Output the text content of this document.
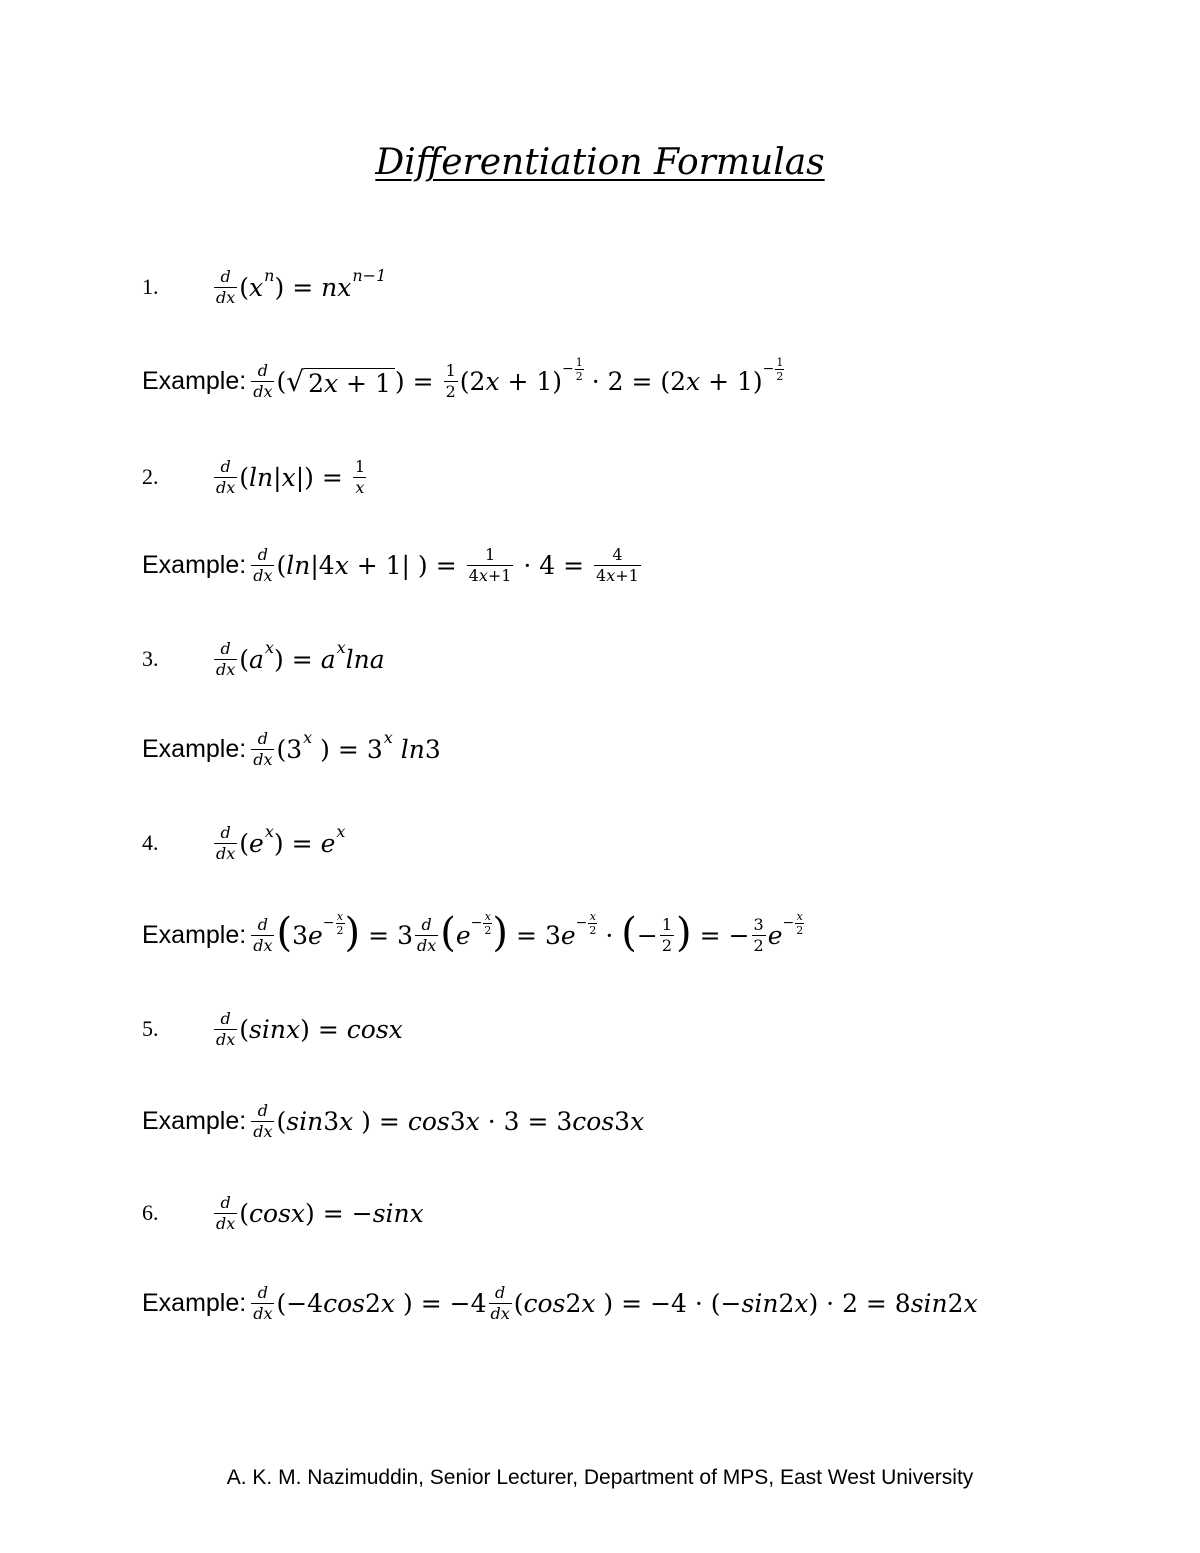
Differentiation Formulas
1.	$\frac{d}{dx}$ ( x n ) = nx n−1
Example: $\frac{d}{dx}$ ( √ 2x + 1 ) = $\frac{1}{2} (2$ x + 1) − 1
2 · 2 = (2 x + 1) − 1
2
2.	$\frac{d}{dx}$ ( ln | x |) = $\frac{1}{x}$
Example: $\frac{d}{dx}$ ( ln |4 x + 1| ) = $\frac{1}{4x+1} \cdot 4 = \frac{4}{4x+1}$
3.	$\frac{d}{dx}$ ( a x ) = a x lna
Example: $\frac{d}{dx} (3$ x ) = 3 x ln 3
4.	$\frac{d}{dx}$ ( e x ) = e x
Example: $\frac{d}{dx}$ ( 3 e − x
2 ) = $3 \frac{d}{dx}$ ( e − x
2 ) = 3 e − x
2 · ( − $\frac{1}{2}$ ) = − $\frac{3}{2}$ e − x
2
5.	$\frac{d}{dx}$ ( sinx ) = cosx
Example: $\frac{d}{dx}$ ( sin 3 x ) = cos 3 x · 3 = 3 cos 3 x
6.	$\frac{d}{dx}$ ( cosx ) = − sinx
Example: $\frac{d}{dx} (-4$ cos 2 x ) = $-4 \frac{d}{dx}$ ( cos 2 x ) = −4 · (− sin 2 x ) · 2 = 8 sin 2 x
A. K. M. Nazimuddin, Senior Lecturer, Department of MPS, East West University
